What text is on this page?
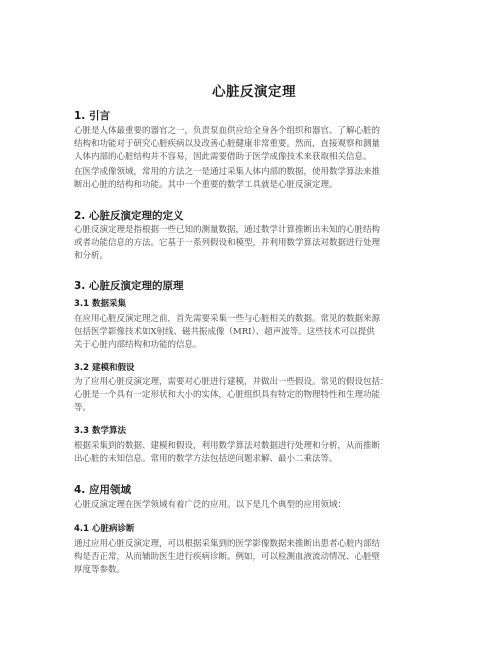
心脏反演定理
1. 引言

心脏是人体最重要的器官之一，负责泵血供应给全身各个组织和器官。了解心脏的
结构和功能对于研究心脏疾病以及改善心脏健康非常重要。然而，直接观察和测量
人体内部的心脏结构并不容易，因此需要借助于医学成像技术来获取相关信息。

在医学成像领域，常用的方法之一是通过采集人体内部的数据，使用数学算法来推
断出心脏的结构和功能。其中一个重要的数学工具就是心脏反演定理。

2. 心脏反演定理的定义

心脏反演定理是指根据一些已知的测量数据，通过数学计算推断出未知的心脏结构
或者功能信息的方法。它基于一系列假设和模型，并利用数学算法对数据进行处理
和分析。

3. 心脏反演定理的原理
3.1 数据采集

在应用心脏反演定理之前，首先需要采集一些与心脏相关的数据。常见的数据来源
包括医学影像技术如X射线、磁共振成像（MRI）、超声波等。这些技术可以提供
关于心脏内部结构和功能的信息。

3.2 建模和假设

为了应用心脏反演定理，需要对心脏进行建模，并做出一些假设。常见的假设包括：
心脏是一个具有一定形状和大小的实体，心脏组织具有特定的物理特性和生理功能
等。

3.3 数学算法

根据采集到的数据、建模和假设，利用数学算法对数据进行处理和分析，从而推断
出心脏的未知信息。常用的数学方法包括逆问题求解、最小二乘法等。

4. 应用领域

心脏反演定理在医学领域有着广泛的应用。以下是几个典型的应用领域：

4.1 心脏病诊断

通过应用心脏反演定理，可以根据采集到的医学影像数据来推断出患者心脏内部结
构是否正常，从而辅助医生进行疾病诊断。例如，可以检测血液流动情况、心脏壁
厚度等参数。
